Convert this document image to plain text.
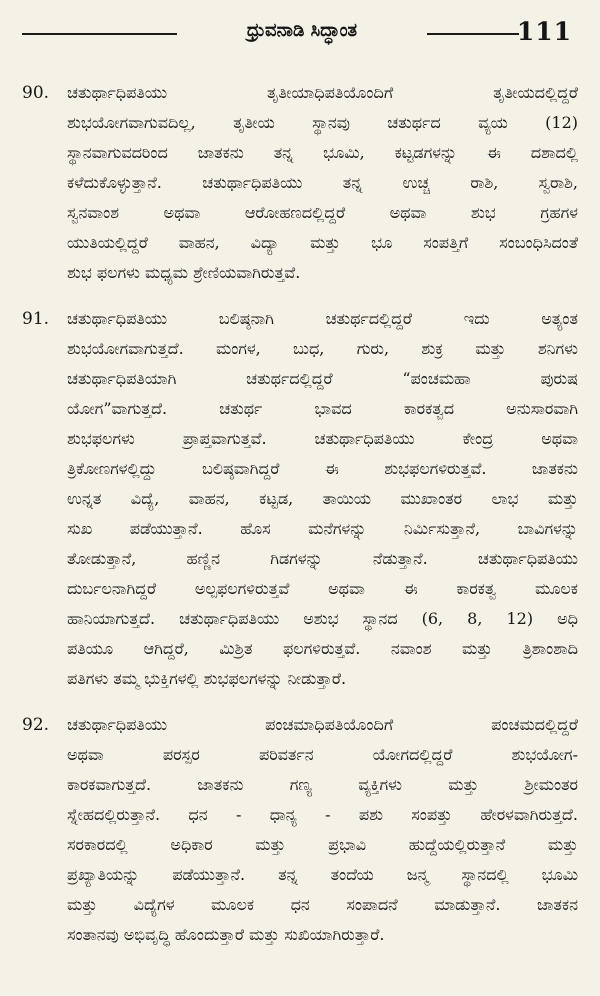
ಧ್ರುವನಾಡಿ ಸಿದ್ಧಾಂತ	111
90.	ಚತುರ್ಥಾಧಿಪತಿಯು ತೃತೀಯಾಧಿಪತಿಯೊಂದಿಗೆ ತೃತೀಯದಲ್ಲಿದ್ದರೆ
ಶುಭಯೋಗವಾಗುವದಿಲ್ಲ, ತೃತೀಯ ಸ್ಥಾನವು ಚತುರ್ಥದ ವ್ಯಯ (12)
ಸ್ಥಾನವಾಗುವದರಿಂದ ಜಾತಕನು ತನ್ನ ಭೂಮಿ, ಕಟ್ಟಡಗಳನ್ನು ಈ ದಶಾದಲ್ಲಿ
ಕಳೆದುಕೊಳ್ಳುತ್ತಾನೆ. ಚತುರ್ಥಾಧಿಪತಿಯು ತನ್ನ ಉಚ್ಚ ರಾಶಿ, ಸ್ವರಾಶಿ,
ಸ್ವನವಾಂಶ ಅಥವಾ ಆರೋಹಣದಲ್ಲಿದ್ದರೆ ಅಥವಾ ಶುಭ ಗ್ರಹಗಳ
ಯುತಿಯಲ್ಲಿದ್ದರೆ ವಾಹನ, ವಿದ್ಯಾ ಮತ್ತು ಭೂ ಸಂಪತ್ತಿಗೆ ಸಂಬಂಧಿಸಿದಂತೆ
ಶುಭ ಫಲಗಳು ಮಧ್ಯಮ ಶ್ರೇಣಿಯವಾಗಿರುತ್ತವೆ.
91.	ಚತುರ್ಥಾಧಿಪತಿಯು ಬಲಿಷ್ಠನಾಗಿ ಚತುರ್ಥದಲ್ಲಿದ್ದರೆ ಇದು ಅತ್ಯಂತ
ಶುಭಯೋಗವಾಗುತ್ತದೆ. ಮಂಗಳ, ಬುಧ, ಗುರು, ಶುಕ್ರ ಮತ್ತು ಶನಿಗಳು
ಚತುರ್ಥಾಧಿಪತಿಯಾಗಿ ಚತುರ್ಥದಲ್ಲಿದ್ದರೆ “ಪಂಚಮಹಾ ಪುರುಷ
ಯೋಗ”ವಾಗುತ್ತದೆ. ಚತುರ್ಥ ಭಾವದ ಕಾರಕತ್ವದ ಅನುಸಾರವಾಗಿ
ಶುಭಫಲಗಳು ಪ್ರಾಪ್ತವಾಗುತ್ತವೆ. ಚತುರ್ಥಾಧಿಪತಿಯು ಕೇಂದ್ರ ಅಥವಾ
ತ್ರಿಕೋಣಗಳಲ್ಲಿದ್ದು ಬಲಿಷ್ಠವಾಗಿದ್ದರೆ ಈ ಶುಭಫಲಗಳಿರುತ್ತವೆ. ಜಾತಕನು
ಉನ್ನತ ವಿದ್ಯೆ, ವಾಹನ, ಕಟ್ಟಡ, ತಾಯಿಯ ಮುಖಾಂತರ ಲಾಭ ಮತ್ತು
ಸುಖ ಪಡೆಯುತ್ತಾನೆ. ಹೊಸ ಮನೆಗಳನ್ನು ನಿರ್ಮಿಸುತ್ತಾನೆ, ಬಾವಿಗಳನ್ನು
ತೋಡುತ್ತಾನೆ, ಹಣ್ಣಿನ ಗಿಡಗಳನ್ನು ನೆಡುತ್ತಾನೆ. ಚತುರ್ಥಾಧಿಪತಿಯು
ದುರ್ಬಲನಾಗಿದ್ದರೆ ಅಲ್ಪಫಲಗಳಿರುತ್ತವೆ ಅಥವಾ ಈ ಕಾರಕತ್ವ ಮೂಲಕ
ಹಾನಿಯಾಗುತ್ತದೆ. ಚತುರ್ಥಾಧಿಪತಿಯು ಅಶುಭ ಸ್ಥಾನದ (6, 8, 12) ಅಧಿ
ಪತಿಯೂ ಆಗಿದ್ದರೆ, ಮಿಶ್ರಿತ ಫಲಗಳಿರುತ್ತವೆ. ನವಾಂಶ ಮತ್ತು ತ್ರಿಶಾಂಶಾದಿ
ಪತಿಗಳು ತಮ್ಮ ಭುಕ್ತಿಗಳಲ್ಲಿ ಶುಭಫಲಗಳನ್ನು ನೀಡುತ್ತಾರೆ.
92.	ಚತುರ್ಥಾಧಿಪತಿಯು ಪಂಚಮಾಧಿಪತಿಯೊಂದಿಗೆ ಪಂಚಮದಲ್ಲಿದ್ದರೆ
ಅಥವಾ ಪರಸ್ಪರ ಪರಿವರ್ತನ ಯೋಗದಲ್ಲಿದ್ದರೆ ಶುಭಯೋಗ-
ಕಾರಕವಾಗುತ್ತದೆ. ಜಾತಕನು ಗಣ್ಯ ವ್ಯಕ್ತಿಗಳು ಮತ್ತು ಶ್ರೀಮಂತರ
ಸ್ನೇಹದಲ್ಲಿರುತ್ತಾನೆ. ಧನ - ಧಾನ್ಯ - ಪಶು ಸಂಪತ್ತು ಹೇರಳವಾಗಿರುತ್ತದೆ.
ಸರಕಾರದಲ್ಲಿ ಅಧಿಕಾರ ಮತ್ತು ಪ್ರಭಾವಿ ಹುದ್ದೆಯಲ್ಲಿರುತ್ತಾನೆ ಮತ್ತು
ಪ್ರಖ್ಯಾತಿಯನ್ನು ಪಡೆಯುತ್ತಾನೆ. ತನ್ನ ತಂದೆಯ ಜನ್ಮ ಸ್ಥಾನದಲ್ಲಿ ಭೂಮಿ
ಮತ್ತು ವಿದ್ಯೆಗಳ ಮೂಲಕ ಧನ ಸಂಪಾದನೆ ಮಾಡುತ್ತಾನೆ. ಜಾತಕನ
ಸಂತಾನವು ಅಭಿವೃದ್ಧಿ ಹೊಂದುತ್ತಾರೆ ಮತ್ತು ಸುಖಿಯಾಗಿರುತ್ತಾರೆ.
